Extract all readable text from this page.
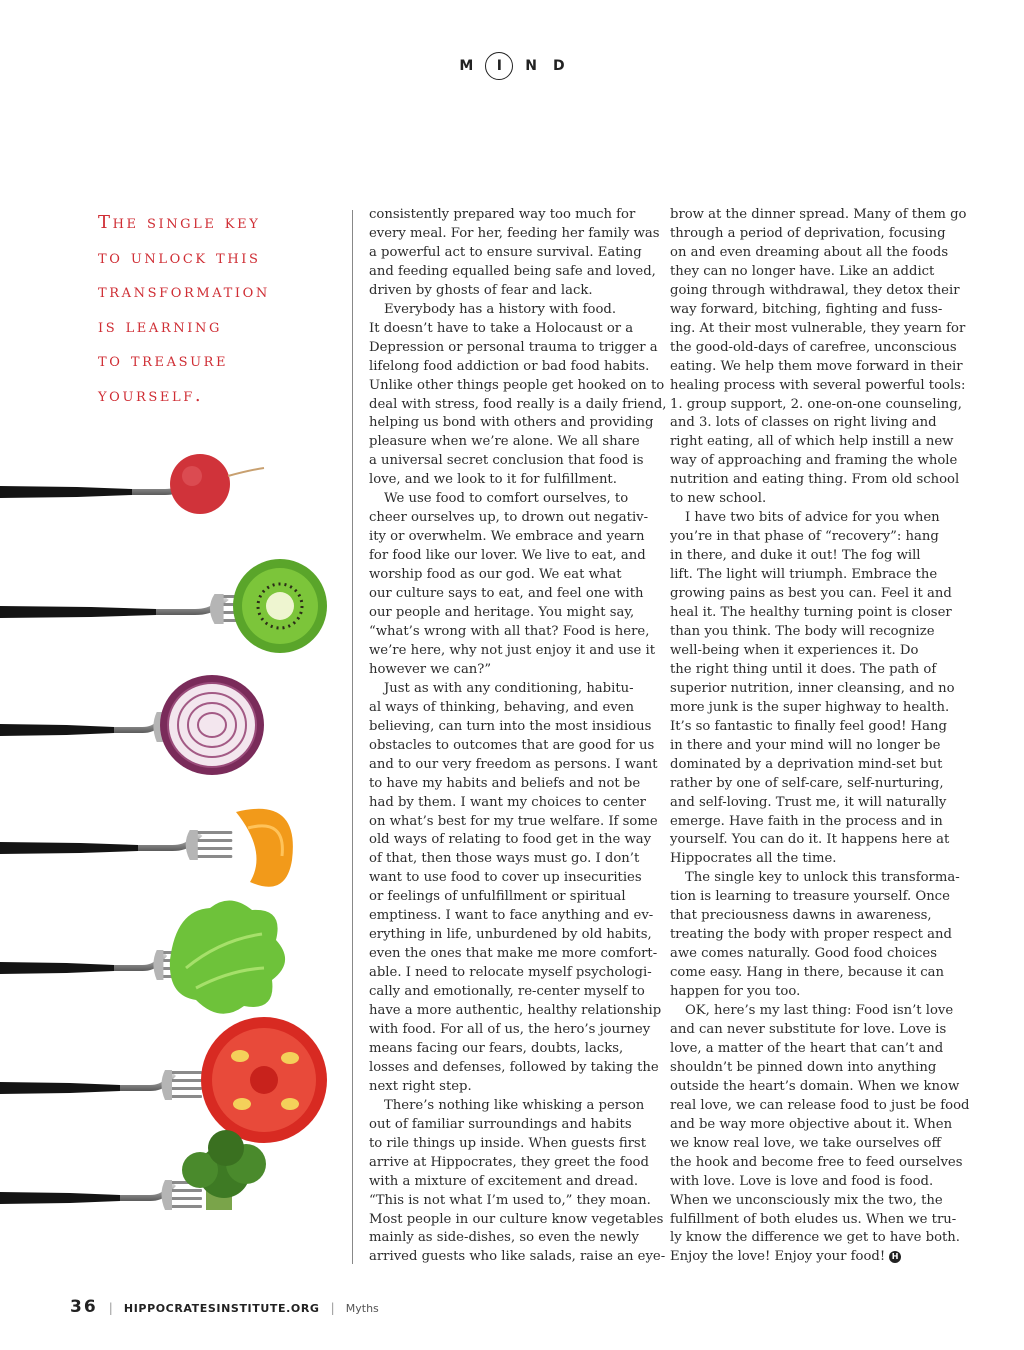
M I N D
The single key
to unlock this
transformation
is learning
to treasure
yourself.
consistently prepared way too much for
every meal. For her, feeding her family was
a powerful act to ensure survival. Eating
and feeding equalled being safe and loved,
driven by ghosts of fear and lack.
Everybody has a history with food.
It doesn’t have to take a Holocaust or a
Depression or personal trauma to trigger a
lifelong food addiction or bad food habits.
Unlike other things people get hooked on to
deal with stress, food really is a daily friend,
helping us bond with others and providing
pleasure when we’re alone. We all share
a universal secret conclusion that food is
love, and we look to it for fulfillment.
We use food to comfort ourselves, to
cheer ourselves up, to drown out negativ-
ity or overwhelm. We embrace and yearn
for food like our lover. We live to eat, and
worship food as our god. We eat what
our culture says to eat, and feel one with
our people and heritage. You might say,
“what’s wrong with all that? Food is here,
we’re here, why not just enjoy it and use it
however we can?”
Just as with any conditioning, habitu-
al ways of thinking, behaving, and even
believing, can turn into the most insidious
obstacles to outcomes that are good for us
and to our very freedom as persons. I want
to have my habits and beliefs and not be
had by them. I want my choices to center
on what’s best for my true welfare. If some
old ways of relating to food get in the way
of that, then those ways must go. I don’t
want to use food to cover up insecurities
or feelings of unfulfillment or spiritual
emptiness. I want to face anything and ev-
erything in life, unburdened by old habits,
even the ones that make me more comfort-
able. I need to relocate myself psychologi-
cally and emotionally, re-center myself to
have a more authentic, healthy relationship
with food. For all of us, the hero’s journey
means facing our fears, doubts, lacks,
losses and defenses, followed by taking the
next right step.
There’s nothing like whisking a person
out of familiar surroundings and habits
to rile things up inside. When guests first
arrive at Hippocrates, they greet the food
with a mixture of excitement and dread.
“This is not what I’m used to,” they moan.
Most people in our culture know vegetables
mainly as side-dishes, so even the newly
arrived guests who like salads, raise an eye-
brow at the dinner spread. Many of them go
through a period of deprivation, focusing
on and even dreaming about all the foods
they can no longer have. Like an addict
going through withdrawal, they detox their
way forward, bitching, fighting and fuss-
ing. At their most vulnerable, they yearn for
the good-old-days of carefree, unconscious
eating. We help them move forward in their
healing process with several powerful tools:
1. group support, 2. one-on-one counseling,
and 3. lots of classes on right living and
right eating, all of which help instill a new
way of approaching and framing the whole
nutrition and eating thing. From old school
to new school.
I have two bits of advice for you when
you’re in that phase of “recovery”: hang
in there, and duke it out! The fog will
lift. The light will triumph. Embrace the
growing pains as best you can. Feel it and
heal it. The healthy turning point is closer
than you think. The body will recognize
well-being when it experiences it. Do
the right thing until it does. The path of
superior nutrition, inner cleansing, and no
more junk is the super highway to health.
It’s so fantastic to finally feel good! Hang
in there and your mind will no longer be
dominated by a deprivation mind-set but
rather by one of self-care, self-nurturing,
and self-loving. Trust me, it will naturally
emerge. Have faith in the process and in
yourself. You can do it. It happens here at
Hippocrates all the time.
The single key to unlock this transforma-
tion is learning to treasure yourself. Once
that preciousness dawns in awareness,
treating the body with proper respect and
awe comes naturally. Good food choices
come easy. Hang in there, because it can
happen for you too.
OK, here’s my last thing: Food isn’t love
and can never substitute for love. Love is
love, a matter of the heart that can’t and
shouldn’t be pinned down into anything
outside the heart’s domain. When we know
real love, we can release food to just be food
and be way more objective about it. When
we know real love, we take ourselves off
the hook and become free to feed ourselves
with love. Love is love and food is food.
When we unconsciously mix the two, the
fulfillment of both eludes us. When we tru-
ly know the difference we get to have both.
Enjoy the love! Enjoy your food! H
36 | HIPPOCRATESINSTITUTE.ORG | Myths
